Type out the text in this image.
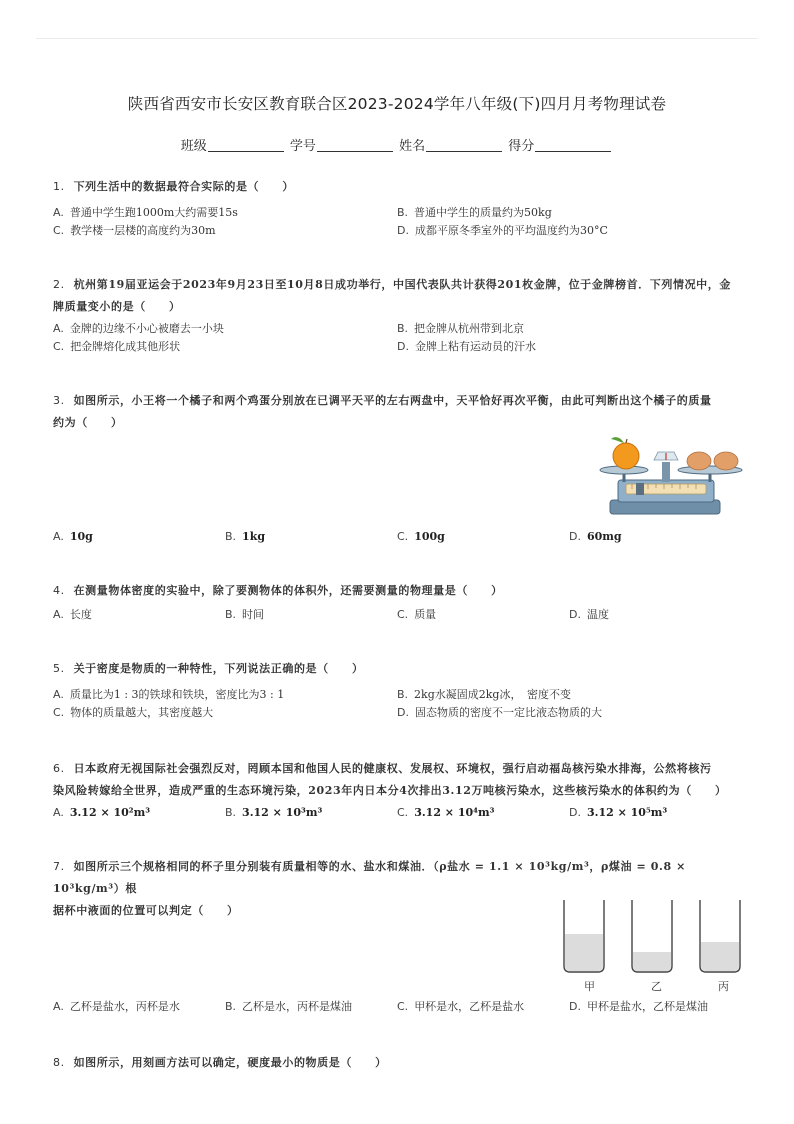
陕西省西安市长安区教育联合区2023-2024学年八年级(下)四月月考物理试卷
班级	学号	姓名	得分
1. 下列生活中的数据最符合实际的是（　　）
A. 普通中学生跑1000m大约需要15s	B. 普通中学生的质量约为50kg
C. 教学楼一层楼的高度约为30m	D. 成都平原冬季室外的平均温度约为30°C
2. 杭州第19届亚运会于2023年9月23日至10月8日成功举行，中国代表队共计获得201枚金牌，位于金牌榜首．下列情况中，金
牌质量变小的是（　　）
A. 金牌的边缘不小心被磨去一小块	B. 把金牌从杭州带到北京
C. 把金牌熔化成其他形状	D. 金牌上粘有运动员的汗水
3. 如图所示，小王将一个橘子和两个鸡蛋分别放在已调平天平的左右两盘中，天平恰好再次平衡，由此可判断出这个橘子的质量
约为（　　）
A. 10g	B. 1kg	C. 100g	D. 60mg
4. 在测量物体密度的实验中，除了要测物体的体积外，还需要测量的物理量是（　　）
A. 长度	B. 时间	C. 质量	D. 温度
5. 关于密度是物质的一种特性，下列说法正确的是（　　）
A. 质量比为1 : 3的铁球和铁块，密度比为3 : 1	B. 2kg水凝固成2kg冰，　密度不变
C. 物体的质量越大，其密度越大	D. 固态物质的密度不一定比液态物质的大
6. 日本政府无视国际社会强烈反对，罔顾本国和他国人民的健康权、发展权、环境权，强行启动福岛核污染水排海，公然将核污
染风险转嫁给全世界，造成严重的生态环境污染，2023年内日本分4次排出3.12万吨核污染水，这些核污染水的体积约为（　　）
A. 3.12 × 10²m³	B. 3.12 × 10³m³	C. 3.12 × 10⁴m³	D. 3.12 × 10⁵m³
7. 如图所示三个规格相同的杯子里分别装有质量相等的水、盐水和煤油．（ρ盐水 = 1.1 × 10³kg/m³，ρ煤油 = 0.8 × 10³kg/m³）根
据杯中液面的位置可以判定（　　）
甲	乙	丙
A. 乙杯是盐水，丙杯是水	B. 乙杯是水，丙杯是煤油	C. 甲杯是水，乙杯是盐水	D. 甲杯是盐水，乙杯是煤油
8. 如图所示，用刻画方法可以确定，硬度最小的物质是（　　）
